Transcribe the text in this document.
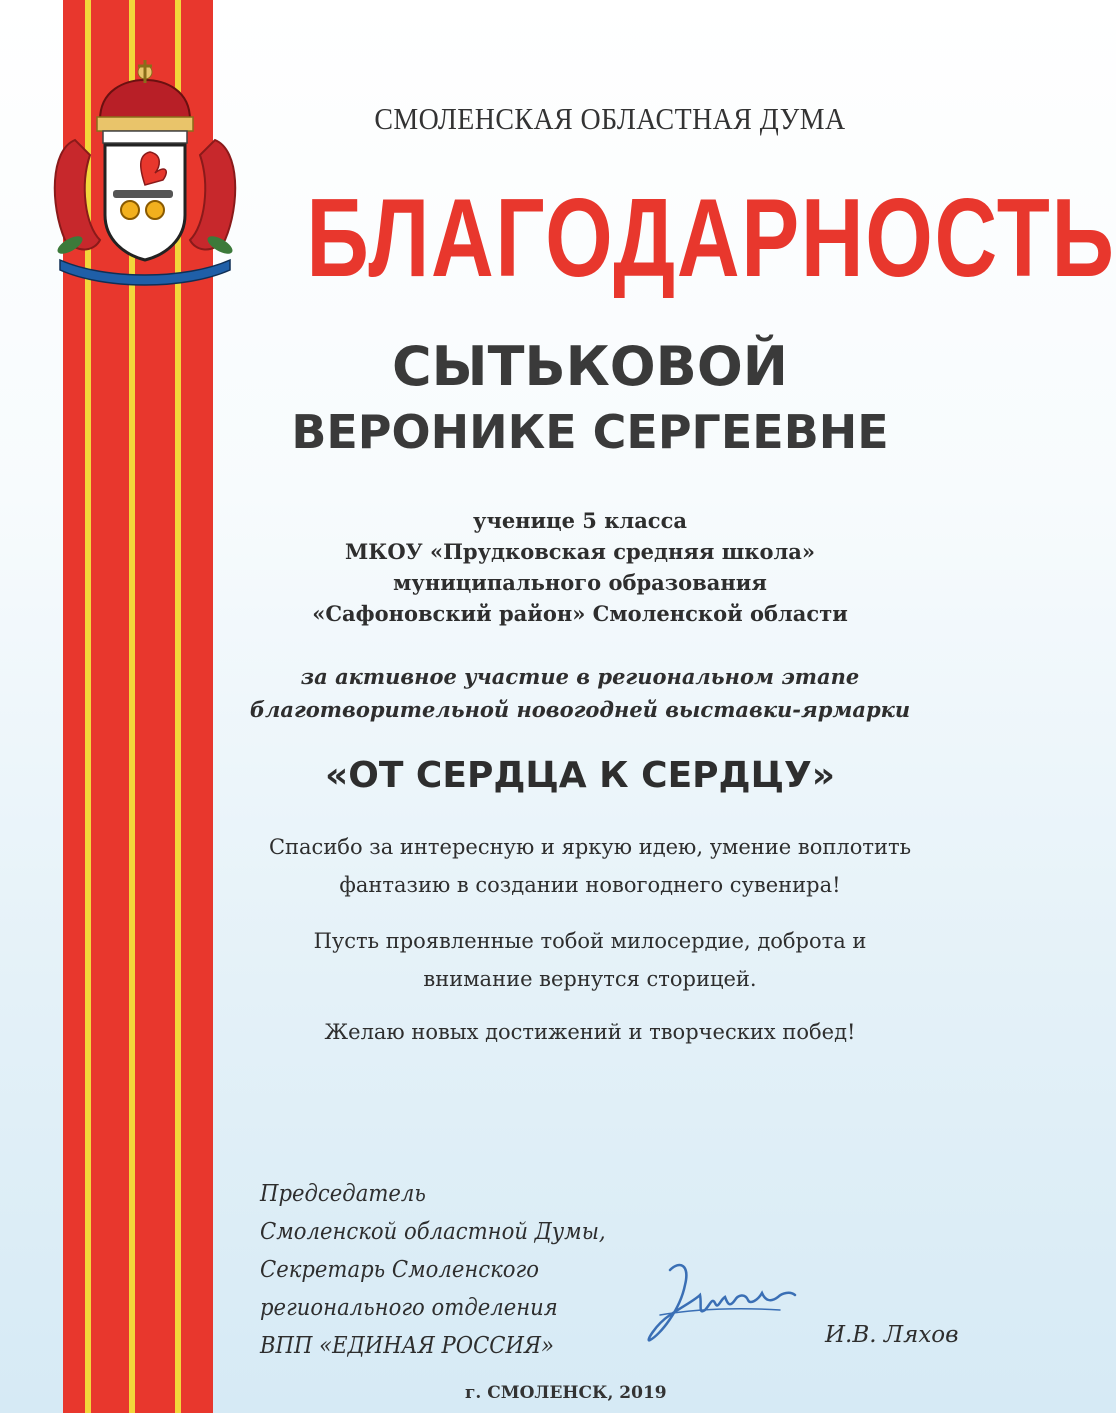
СМОЛЕНСКАЯ ОБЛАСТНАЯ ДУМА
БЛАГОДАРНОСТЬ
СЫТЬКОВОЙ
ВЕРОНИКЕ СЕРГЕЕВНЕ
ученице 5 класса
МКОУ «Прудковская средняя школа»
муниципального образования
«Сафоновский район» Смоленской области
за активное участие в региональном этапе
благотворительной новогодней выставки-ярмарки
«ОТ СЕРДЦА К СЕРДЦУ»
Спасибо за интересную и яркую идею, умение воплотить
фантазию в создании новогоднего сувенира!
Пусть проявленные тобой милосердие, доброта и
внимание вернутся сторицей.
Желаю новых достижений и творческих побед!
Председатель
Смоленской областной Думы,
Секретарь Смоленского
регионального отделения
ВПП «ЕДИНАЯ РОССИЯ»	И.В. Ляхов
г. СМОЛЕНСК, 2019
